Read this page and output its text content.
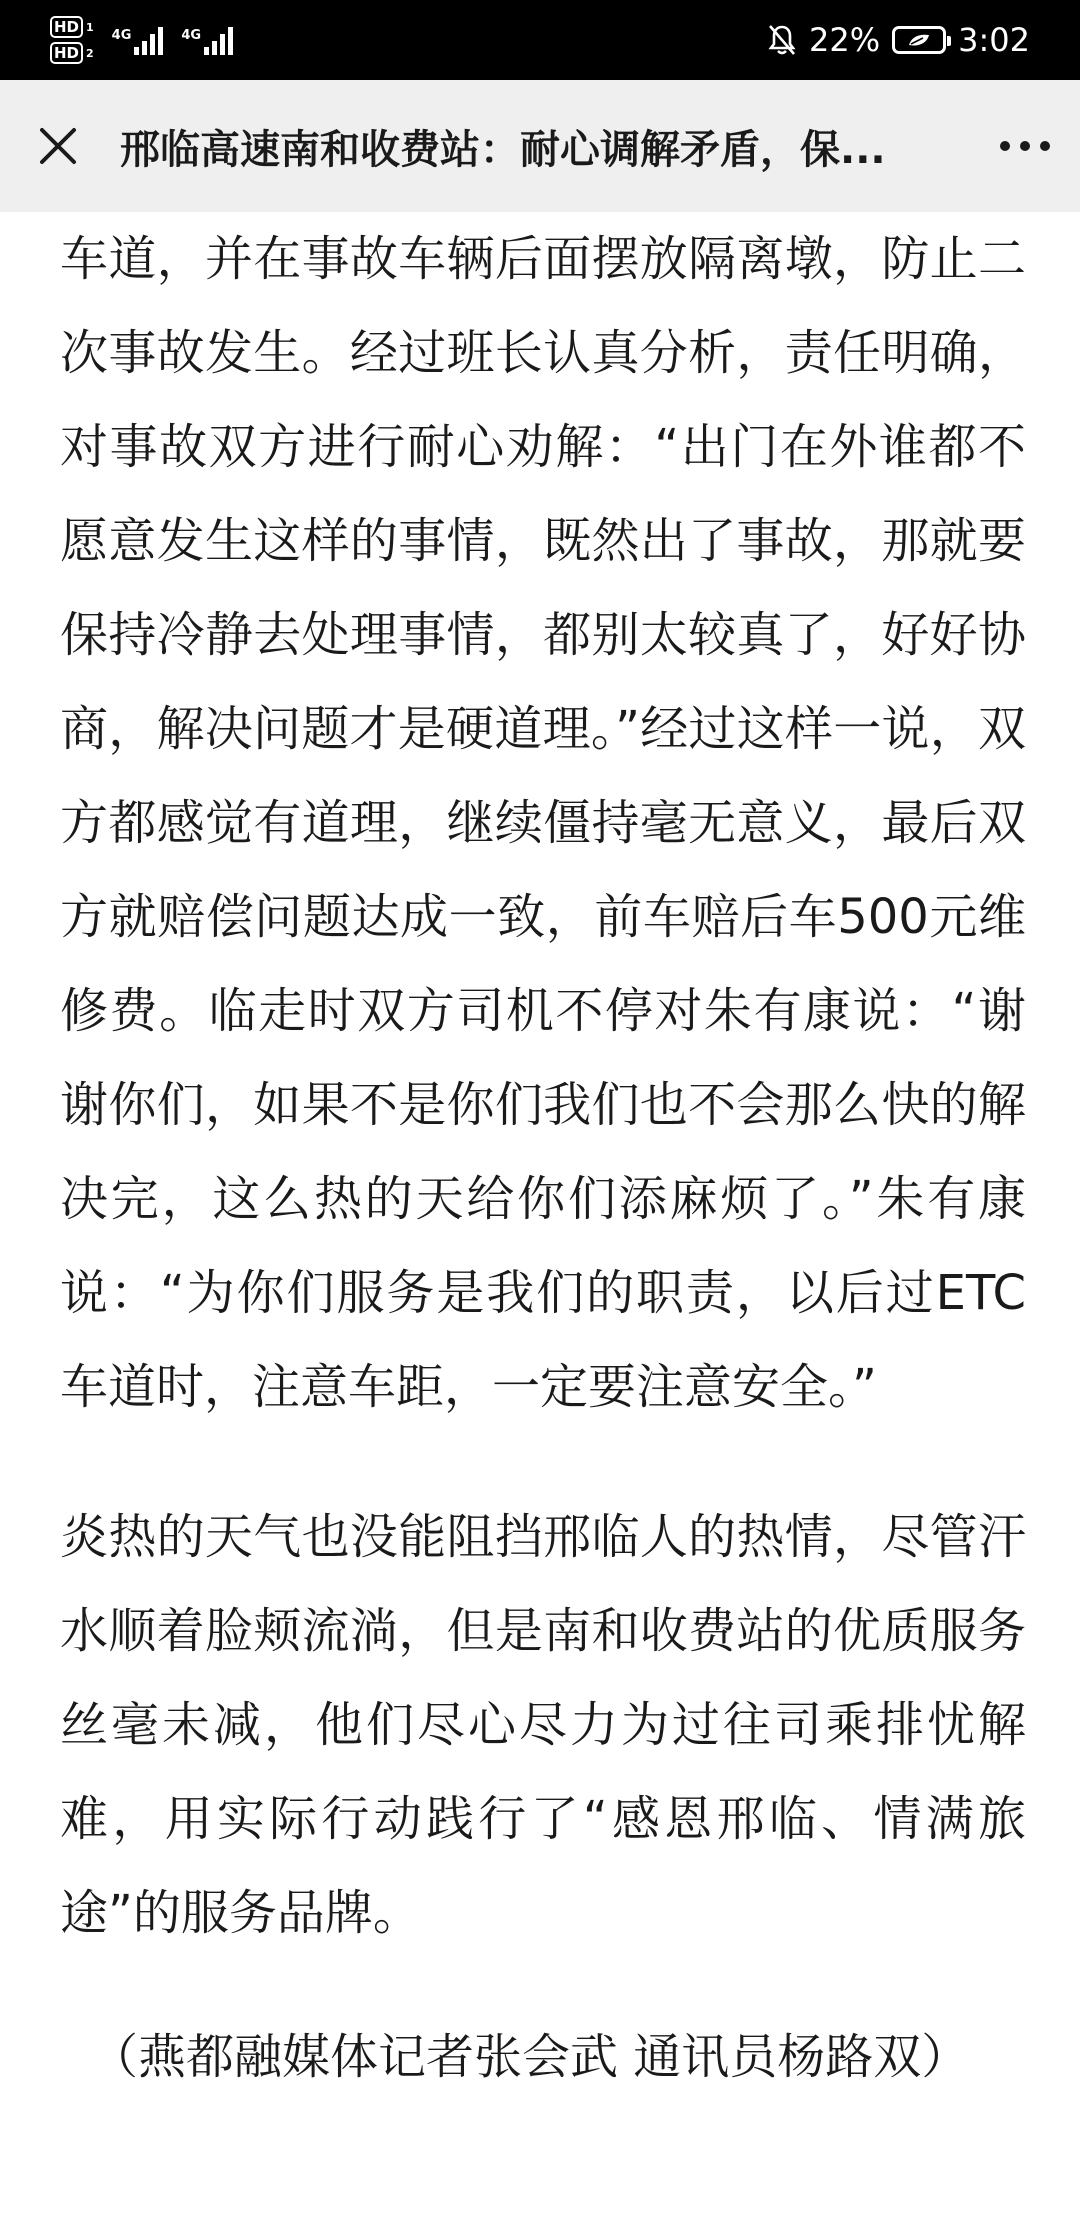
HD 1
HD 2
4G	4G	22% 3:02
邢临高速南和收费站：耐心调解矛盾，保...

车道，并在事故车辆后面摆放隔离墩，防止二次事故发生。经过班长认真分析，责任明确，对事故双方进行耐心劝解：“出门在外谁都不愿意发生这样的事情，既然出了事故，那就要保持冷静去处理事情，都别太较真了，好好协商，解决问题才是硬道理。”经过这样一说，双方都感觉有道理，继续僵持毫无意义，最后双方就赔偿问题达成一致，前车赔后车500元维修费。临走时双方司机不停对朱有康说：“谢谢你们，如果不是你们我们也不会那么快的解决完，这么热的天给你们添麻烦了。”朱有康说：“为你们服务是我们的职责，以后过ETC车道时，注意车距，一定要注意安全。”

炎热的天气也没能阻挡邢临人的热情，尽管汗水顺着脸颊流淌，但是南和收费站的优质服务丝毫未减，他们尽心尽力为过往司乘排忧解难，用实际行动践行了“感恩邢临、情满旅途”的服务品牌。

（燕都融媒体记者张会武 通讯员杨路双）
